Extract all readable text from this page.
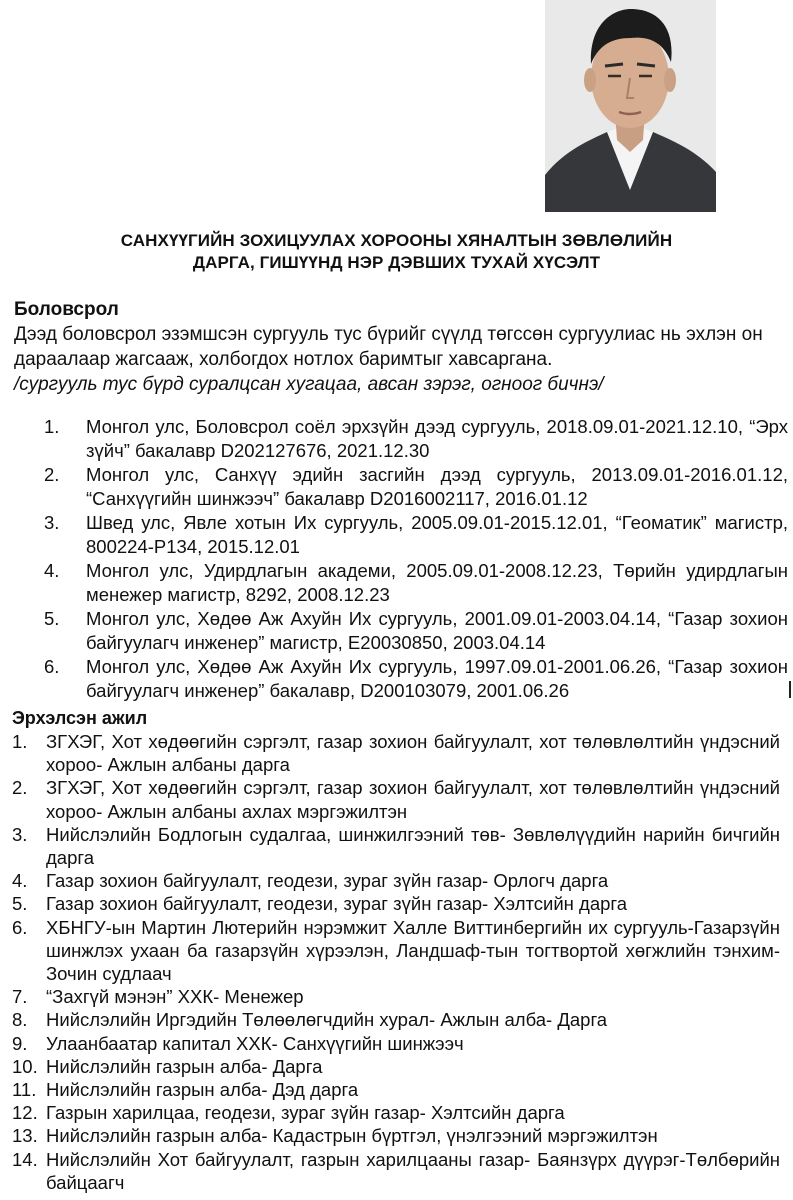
САНХҮҮГИЙН ЗОХИЦУУЛАХ ХОРООНЫ ХЯНАЛТЫН ЗӨВЛӨЛИЙН
ДАРГА, ГИШҮҮНД НЭР ДЭВШИХ ТУХАЙ ХҮСЭЛТ
Боловсрол
Дээд боловсрол эзэмшсэн сургууль тус бүрийг сүүлд төгссөн сургуулиас нь эхлэн он дараалаар жагсааж, холбогдох нотлох баримтыг хавсаргана.
/сургууль тус бүрд суралцсан хугацаа, авсан зэрэг, огноог бичнэ/
1. Монгол улс, Боловсрол соёл эрхзүйн дээд сургууль, 2018.09.01-2021.12.10, “Эрх зүйч” бакалавр D202127676, 2021.12.30
2. Монгол улс, Санхүү эдийн засгийн дээд сургууль, 2013.09.01-2016.01.12, “Санхүүгийн шинжээч” бакалавр D2016002117, 2016.01.12
3. Швед улс, Явле хотын Их сургууль, 2005.09.01-2015.12.01, “Геоматик” магистр, 800224-P134, 2015.12.01
4. Монгол улс, Удирдлагын академи, 2005.09.01-2008.12.23, Төрийн удирдлагын менежер магистр, 8292, 2008.12.23
5. Монгол улс, Хөдөө Аж Ахуйн Их сургууль, 2001.09.01-2003.04.14, “Газар зохион байгуулагч инженер” магистр, E20030850, 2003.04.14
6. Монгол улс, Хөдөө Аж Ахуйн Их сургууль, 1997.09.01-2001.06.26, “Газар зохион байгуулагч инженер” бакалавр, D200103079, 2001.06.26
Эрхэлсэн ажил
1. ЗГХЭГ, Хот хөдөөгийн сэргэлт, газар зохион байгуулалт, хот төлөвлөлтийн үндэсний хороо- Ажлын албаны дарга
2. ЗГХЭГ, Хот хөдөөгийн сэргэлт, газар зохион байгуулалт, хот төлөвлөлтийн үндэсний хороо- Ажлын албаны ахлах мэргэжилтэн
3. Нийслэлийн Бодлогын судалгаа, шинжилгээний төв- Зөвлөлүүдийн нарийн бичгийн дарга
4. Газар зохион байгуулалт, геодези, зураг зүйн газар- Орлогч дарга
5. Газар зохион байгуулалт, геодези, зураг зүйн газар- Хэлтсийн дарга
6. ХБНГУ-ын Мартин Лютерийн нэрэмжит Халле Виттинбергийн их сургууль-Газарзүйн шинжлэх ухаан ба газарзүйн хүрээлэн, Ландшаф-тын тогтвортой хөгжлийн тэнхим- Зочин судлаач
7. “Захгүй мэнэн” ХХК- Менежер
8. Нийслэлийн Иргэдийн Төлөөлөгчдийн хурал- Ажлын алба- Дарга
9. Улаанбаатар капитал ХХК- Санхүүгийн шинжээч
10. Нийслэлийн газрын алба- Дарга
11. Нийслэлийн газрын алба- Дэд дарга
12. Газрын харилцаа, геодези, зураг зүйн газар- Хэлтсийн дарга
13. Нийслэлийн газрын алба- Кадастрын бүртгэл, үнэлгээний мэргэжилтэн
14. Нийслэлийн Хот байгуулалт, газрын харилцааны газар- Баянзүрх дүүрэг-Төлбөрийн байцаагч
